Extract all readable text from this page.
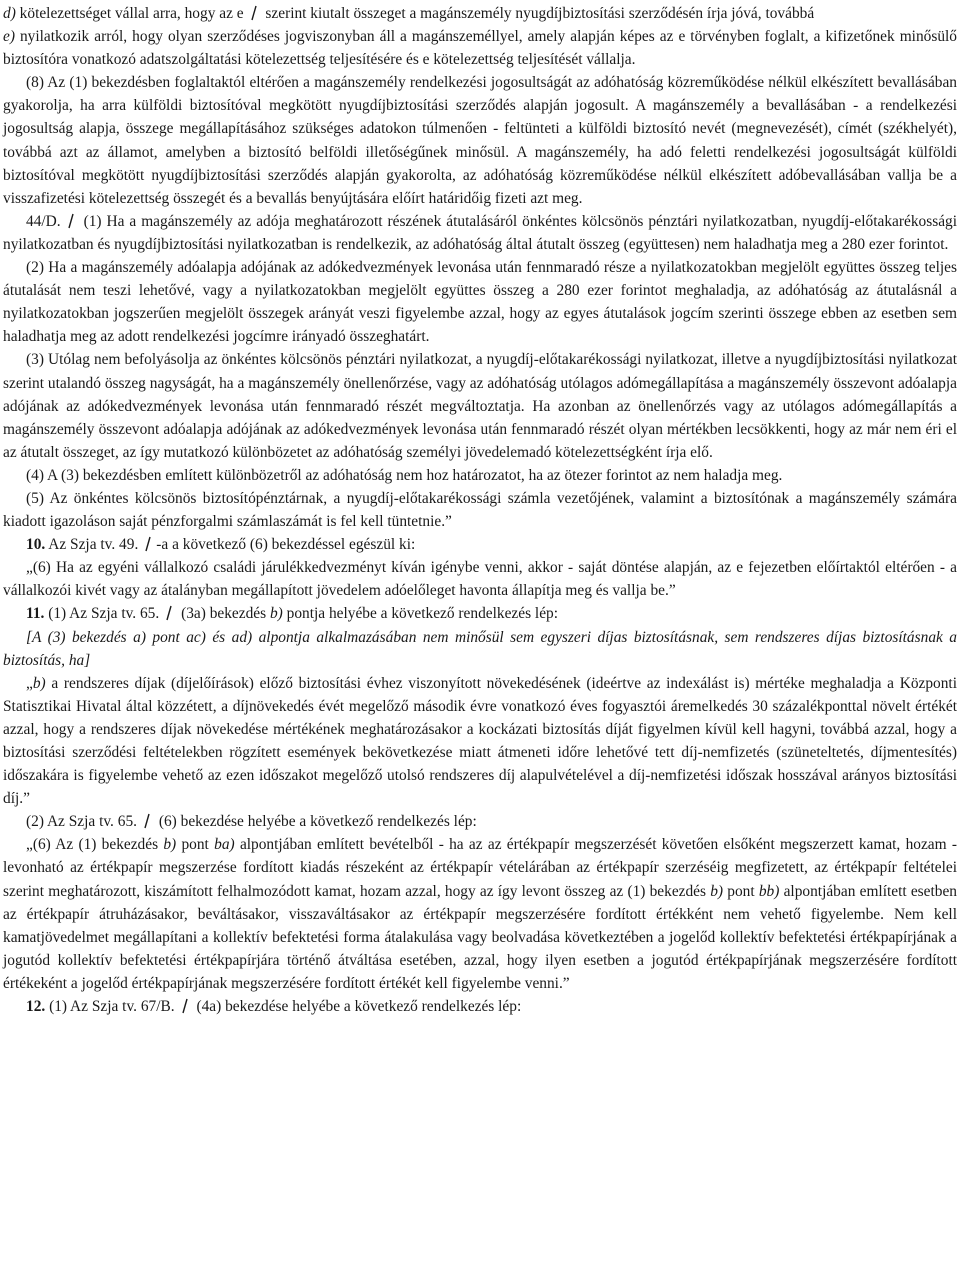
d) kötelezettséget vállal arra, hogy az e
szerint kiutalt összeget a magánszemély nyugdíjbiztosítási szerződésén írja jóvá, továbbá

e) nyilatkozik arról, hogy olyan szerződéses jogviszonyban áll a magánszeméllyel, amely alapján képes az e törvényben foglalt, a kifizetőnek minősülő biztosítóra vonatkozó adatszolgáltatási kötelezettség teljesítésére és e kötelezettség teljesítését vállalja.

(8) Az (1) bekezdésben foglaltaktól eltérően a magánszemély rendelkezési jogosultságát az adóhatóság közreműködése nélkül elkészített bevallásában gyakorolja, ha arra külföldi biztosítóval megkötött nyugdíjbiztosítási szerződés alapján jogosult. A magánszemély a bevallásában - a rendelkezési jogosultság alapja, összege megállapításához szükséges adatokon túlmenően - feltünteti a külföldi biztosító nevét (megnevezését), címét (székhelyét), továbbá azt az államot, amelyben a biztosító belföldi illetőségűnek minősül. A magánszemély, ha adó feletti rendelkezési jogosultságát külföldi biztosítóval megkötött nyugdíjbiztosítási szerződés alapján gyakorolta, az adóhatóság közreműködése nélkül elkészített adóbevallásában vallja be a visszafizetési kötelezettség összegét és a bevallás benyújtására előírt határidőig fizeti azt meg.

44/D.
(1) Ha a magánszemély az adója meghatározott részének átutalásáról önkéntes kölcsönös pénztári nyilatkozatban, nyugdíj-előtakarékossági nyilatkozatban és nyugdíjbiztosítási nyilatkozatban is rendelkezik, az adóhatóság által átutalt összeg (együttesen) nem haladhatja meg a 280 ezer forintot.

(2) Ha a magánszemély adóalapja adójának az adókedvezmények levonása után fennmaradó része a nyilatkozatokban megjelölt együttes összeg teljes átutalását nem teszi lehetővé, vagy a nyilatkozatokban megjelölt együttes összeg a 280 ezer forintot meghaladja, az adóhatóság az átutalásnál a nyilatkozatokban jogszerűen megjelölt összegek arányát veszi figyelembe azzal, hogy az egyes átutalások jogcím szerinti összege ebben az esetben sem haladhatja meg az adott rendelkezési jogcímre irányadó összeghatárt.

(3) Utólag nem befolyásolja az önkéntes kölcsönös pénztári nyilatkozat, a nyugdíj-előtakarékossági nyilatkozat, illetve a nyugdíjbiztosítási nyilatkozat szerint utalandó összeg nagyságát, ha a magánszemély önellenőrzése, vagy az adóhatóság utólagos adómegállapítása a magánszemély összevont adóalapja adójának az adókedvezmények levonása után fennmaradó részét megváltoztatja. Ha azonban az önellenőrzés vagy az utólagos adómegállapítás a magánszemély összevont adóalapja adójának az adókedvezmények levonása után fennmaradó részét olyan mértékben lecsökkenti, hogy az már nem éri el az átutalt összeget, az így mutatkozó különbözetet az adóhatóság személyi jövedelemadó kötelezettségként írja elő.

(4) A (3) bekezdésben említett különbözetről az adóhatóság nem hoz határozatot, ha az ötezer forintot az nem haladja meg.

(5) Az önkéntes kölcsönös biztosítópénztárnak, a nyugdíj-előtakarékossági számla vezetőjének, valamint a biztosítónak a magánszemély számára kiadott igazoláson saját pénzforgalmi számlaszámát is fel kell tüntetnie.”

10. Az Szja tv. 49. -a a következő (6) bekezdéssel egészül ki:

„(6) Ha az egyéni vállalkozó családi járulékkedvezményt kíván igénybe venni, akkor - saját döntése alapján, az e fejezetben előírtaktól eltérően - a vállalkozói kivét vagy az átalányban megállapított jövedelem adóelőleget havonta állapítja meg és vallja be.”

11. (1) Az Szja tv. 65.
(3a) bekezdés b) pontja helyébe a következő rendelkezés lép:

[A (3) bekezdés a) pont ac) és ad) alpontja alkalmazásában nem minősül sem egyszeri díjas biztosításnak, sem rendszeres díjas biztosításnak a biztosítás, ha]

„b) a rendszeres díjak (díjelőírások) előző biztosítási évhez viszonyított növekedésének (ideértve az indexálást is) mértéke meghaladja a Központi Statisztikai Hivatal által közzétett, a díjnövekedés évét megelőző második évre vonatkozó éves fogyasztói áremelkedés 30 százalékponttal növelt értékét azzal, hogy a rendszeres díjak növekedése mértékének meghatározásakor a kockázati biztosítás díját figyelmen kívül kell hagyni, továbbá azzal, hogy a biztosítási szerződési feltételekben rögzített események bekövetkezése miatt átmeneti időre lehetővé tett díj-nemfizetés (szüneteltetés, díjmentesítés) időszakára is figyelembe vehető az ezen időszakot megelőző utolsó rendszeres díj alapulvételével a díj-nemfizetési időszak hosszával arányos biztosítási díj.”

(2) Az Szja tv. 65.
(6) bekezdése helyébe a következő rendelkezés lép:

„(6) Az (1) bekezdés b) pont ba) alpontjában említett bevételből - ha az az értékpapír megszerzését követően elsőként megszerzett kamat, hozam - levonható az értékpapír megszerzése fordított kiadás részeként az értékpapír vételárában az értékpapír szerzéséig megfizetett, az értékpapír feltételei szerint meghatározott, kiszámított felhalmozódott kamat, hozam azzal, hogy az így levont összeg az (1) bekezdés b) pont bb) alpontjában említett esetben az értékpapír átruházásakor, beváltásakor, visszaváltásakor az értékpapír megszerzésére fordított értékként nem vehető figyelembe. Nem kell kamatjövedelmet megállapítani a kollektív befektetési forma átalakulása vagy beolvadása következtében a jogelőd kollektív befektetési értékpapírjának a jogutód kollektív befektetési értékpapírjára történő átváltása esetében, azzal, hogy ilyen esetben a jogutód értékpapírjának megszerzésére fordított értékeként a jogelőd értékpapírjának megszerzésére fordított értékét kell figyelembe venni.”

12. (1) Az Szja tv. 67/B.
(4a) bekezdése helyébe a következő rendelkezés lép:
